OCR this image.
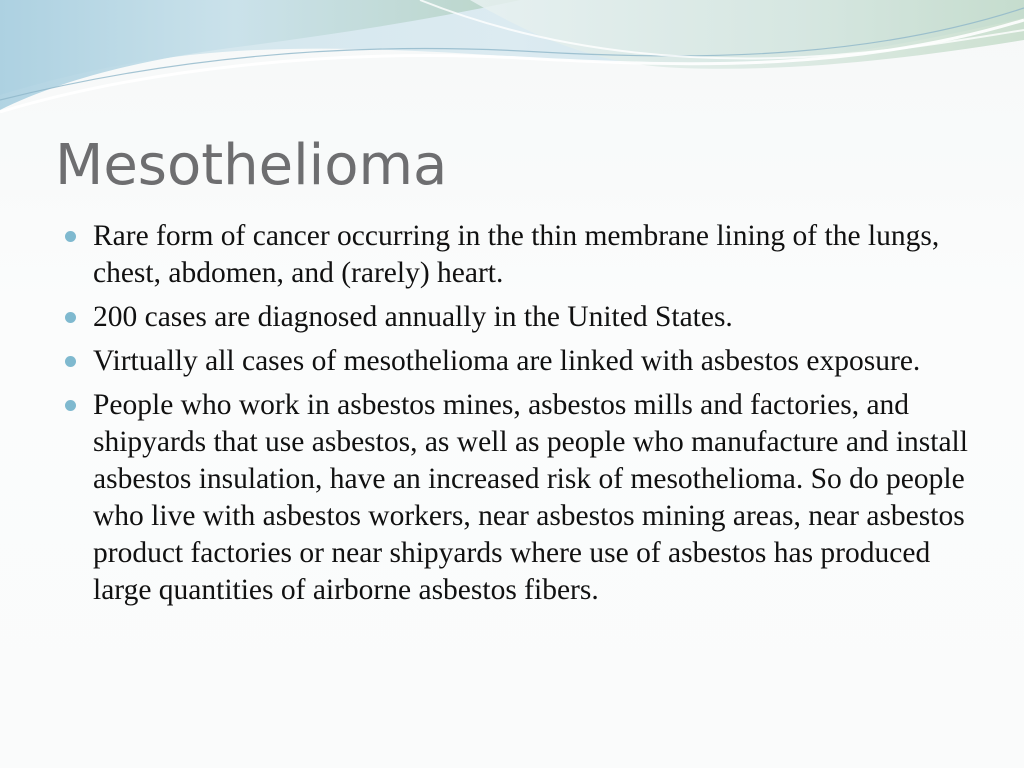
Mesothelioma
Rare form of cancer occurring in the thin membrane lining of the lungs, chest, abdomen, and (rarely) heart.
200 cases are diagnosed annually in the United States.
Virtually all cases of mesothelioma are linked with asbestos exposure.
People who work in asbestos mines, asbestos mills and factories, and shipyards that use asbestos, as well as people who manufacture and install asbestos insulation, have an increased risk of mesothelioma. So do people who live with asbestos workers, near asbestos mining areas, near asbestos product factories or near shipyards where use of asbestos has produced large quantities of airborne asbestos fibers.
